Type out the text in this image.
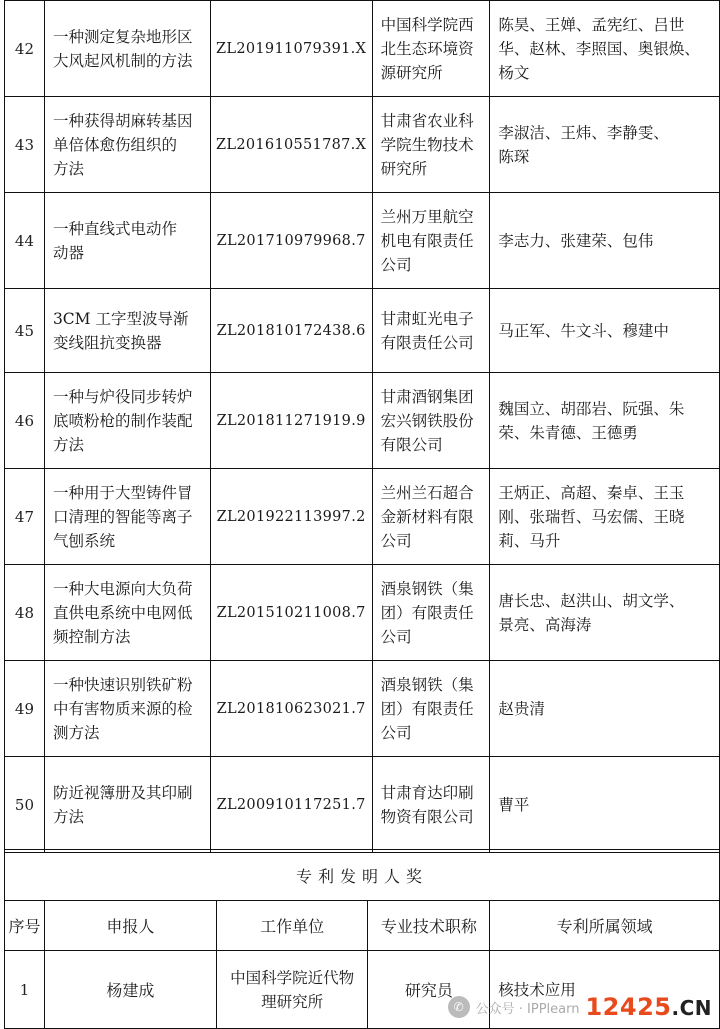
42	一种测定复杂地形区
大风起风机制的方法	ZL201911079391.X	中国科学院西
北生态环境资
源研究所	陈昊、王婵、孟宪红、吕世
华、赵林、李照国、奥银焕、
杨文

43	一种获得胡麻转基因
单倍体愈伤组织的
方法	ZL201610551787.X	甘肃省农业科
学院生物技术
研究所	李淑洁、王炜、李静雯、
陈琛

44	一种直线式电动作
动器	ZL201710979968.7	兰州万里航空
机电有限责任
公司	李志力、张建荣、包伟

45	3CM 工字型波导渐
变线阻抗变换器	ZL201810172438.6	甘肃虹光电子
有限责任公司	马正军、牛文斗、穆建中

46	一种与炉役同步转炉
底喷粉枪的制作装配
方法	ZL201811271919.9	甘肃酒钢集团
宏兴钢铁股份
有限公司	魏国立、胡邵岩、阮强、朱
荣、朱青德、王德勇

47	一种用于大型铸件冒
口清理的智能等离子
气刨系统	ZL201922113997.2	兰州兰石超合
金新材料有限
公司	王炳正、高超、秦卓、王玉
刚、张瑞哲、马宏儒、王晓
莉、马升

48	一种大电源向大负荷
直供电系统中电网低
频控制方法	ZL201510211008.7	酒泉钢铁（集
团）有限责任
公司	唐长忠、赵洪山、胡文学、
景亮、高海涛

49	一种快速识别铁矿粉
中有害物质来源的检
测方法	ZL201810623021.7	酒泉钢铁（集
团）有限责任
公司	赵贵清

50	防近视簿册及其印刷
方法	ZL200910117251.7	甘肃育达印刷
物资有限公司	曹平
专利发明人奖				
序号	申报人	工作单位	专业技术职称	专利所属领域
1	杨建成	中国科学院近代物
理研究所	研究员	核技术应用
✆ 公众号 · IPPlearn 12425.CN
